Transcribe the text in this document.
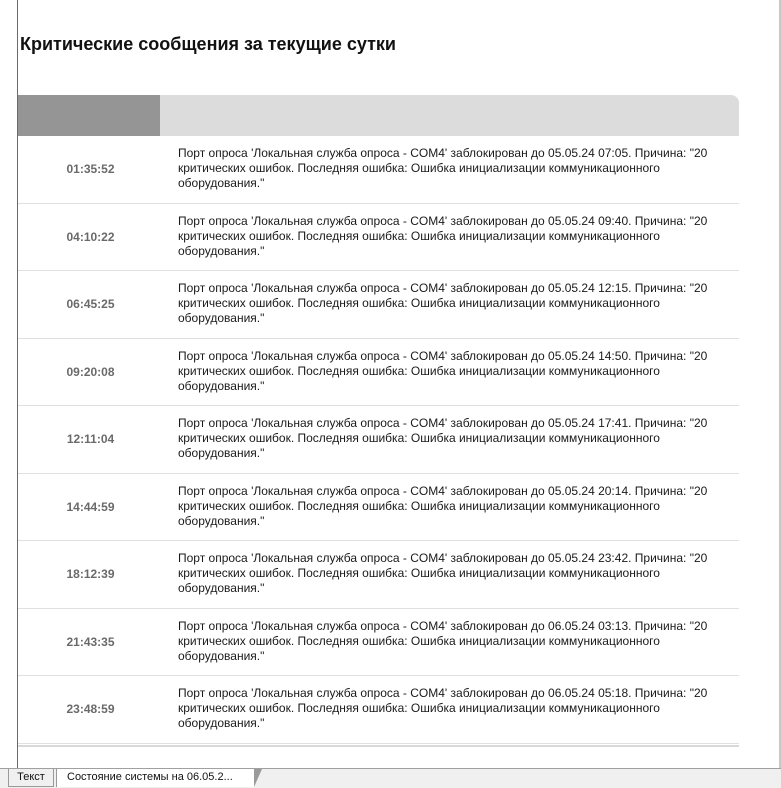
Критические сообщения за текущие сутки
01:35:52
Порт опроса 'Локальная служба опроса - COM4' заблокирован до 05.05.24 07:05. Причина: "20 критических ошибок. Последняя ошибка: Ошибка инициализации коммуникационного оборудования."
04:10:22
Порт опроса 'Локальная служба опроса - COM4' заблокирован до 05.05.24 09:40. Причина: "20 критических ошибок. Последняя ошибка: Ошибка инициализации коммуникационного оборудования."
06:45:25
Порт опроса 'Локальная служба опроса - COM4' заблокирован до 05.05.24 12:15. Причина: "20 критических ошибок. Последняя ошибка: Ошибка инициализации коммуникационного оборудования."
09:20:08
Порт опроса 'Локальная служба опроса - COM4' заблокирован до 05.05.24 14:50. Причина: "20 критических ошибок. Последняя ошибка: Ошибка инициализации коммуникационного оборудования."
12:11:04
Порт опроса 'Локальная служба опроса - COM4' заблокирован до 05.05.24 17:41. Причина: "20 критических ошибок. Последняя ошибка: Ошибка инициализации коммуникационного оборудования."
14:44:59
Порт опроса 'Локальная служба опроса - COM4' заблокирован до 05.05.24 20:14. Причина: "20 критических ошибок. Последняя ошибка: Ошибка инициализации коммуникационного оборудования."
18:12:39
Порт опроса 'Локальная служба опроса - COM4' заблокирован до 05.05.24 23:42. Причина: "20 критических ошибок. Последняя ошибка: Ошибка инициализации коммуникационного оборудования."
21:43:35
Порт опроса 'Локальная служба опроса - COM4' заблокирован до 06.05.24 03:13. Причина: "20 критических ошибок. Последняя ошибка: Ошибка инициализации коммуникационного оборудования."
23:48:59
Порт опроса 'Локальная служба опроса - COM4' заблокирован до 06.05.24 05:18. Причина: "20 критических ошибок. Последняя ошибка: Ошибка инициализации коммуникационного оборудования."
Текст	Состояние системы на 06.05.2...
